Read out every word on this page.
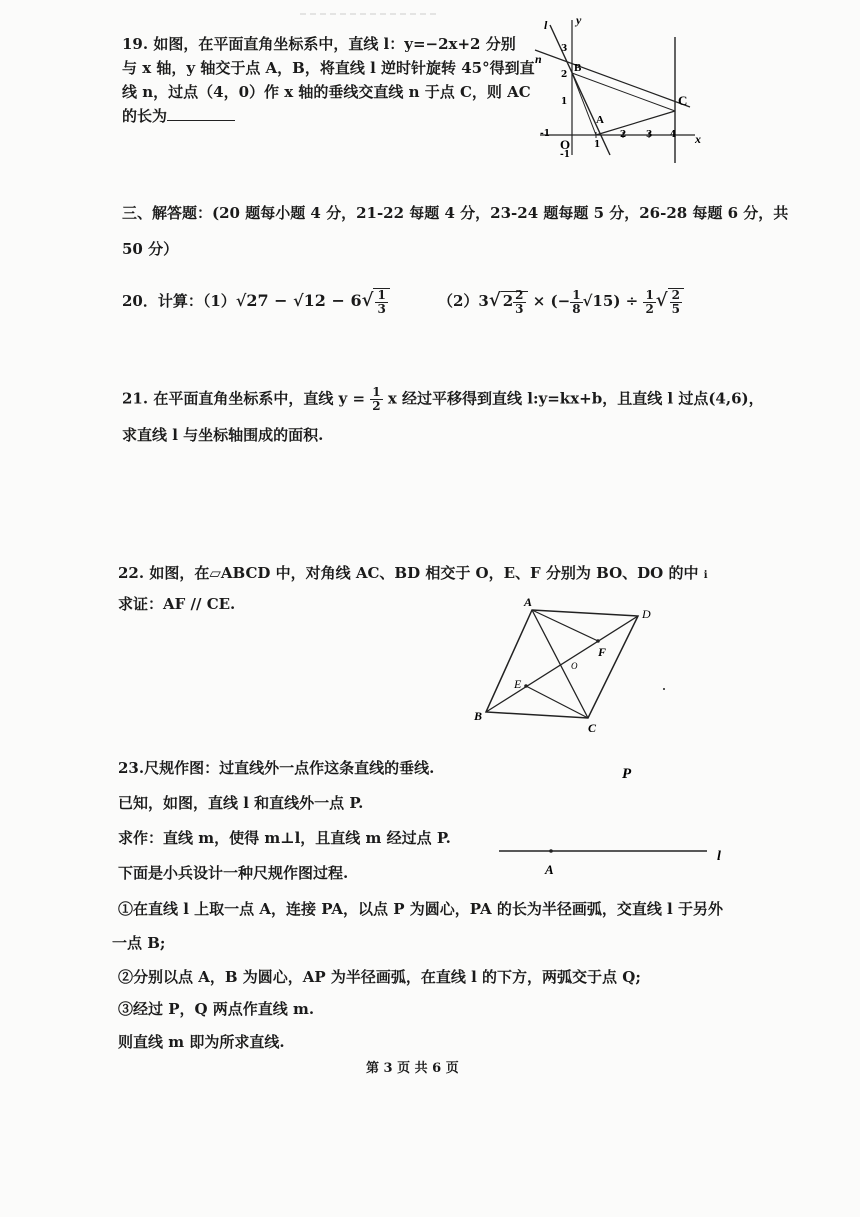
19. 如图，在平面直角坐标系中，直线 l：y=−2x+2 分别
与 x 轴，y 轴交于点 A，B，将直线 l 逆时针旋转 45°得到直
线 n，过点（4，0）作 x 轴的垂线交直线 n 于点 C，则 AC
的长为
l y
n
B
A
C
O	x
3
2
1
-1
-1
1
2 3 4
三、解答题：(20 题每小题 4 分，21-22 每题 4 分，23-24 题每题 5 分，26-28 每题 6 分，共
50 分）
20．计算：$(1)√27 - √12 - 6√ \frac{1}{3}$	（2）3√ $2 \frac{2}{3}$ × (− $\frac{1}{8} √15) \div \frac{1}{2}$ √ $\frac{2}{5}$
21. 在平面直角坐标系中，直线 $y = \frac{1}{2}$ x 经过平移得到直线 l:y=kx+b，且直线 l 过点(4,6)，
求直线 l 与坐标轴围成的面积.
22. 如图，在▱ABCD 中，对角线 AC、BD 相交于 O，E、F 分别为 BO、DO 的中 i
求证：AF // CE.	A
D
F
O
E
B
C
23.尺规作图：过直线外一点作这条直线的垂线.
已知，如图，直线 l 和直线外一点 P.
求作：直线 m，使得 m⊥l，且直线 m 经过点 P.
下面是小兵设计一种尺规作图过程.
①在直线 l 上取一点 A，连接 PA，以点 P 为圆心，PA 的长为半径画弧，交直线 l 于另外
一点 B;
②分别以点 A，B 为圆心，AP 为半径画弧，在直线 l 的下方，两弧交于点 Q;
③经过 P，Q 两点作直线 m.
则直线 m 即为所求直线.
P
A
l
第 3 页 共 6 页
